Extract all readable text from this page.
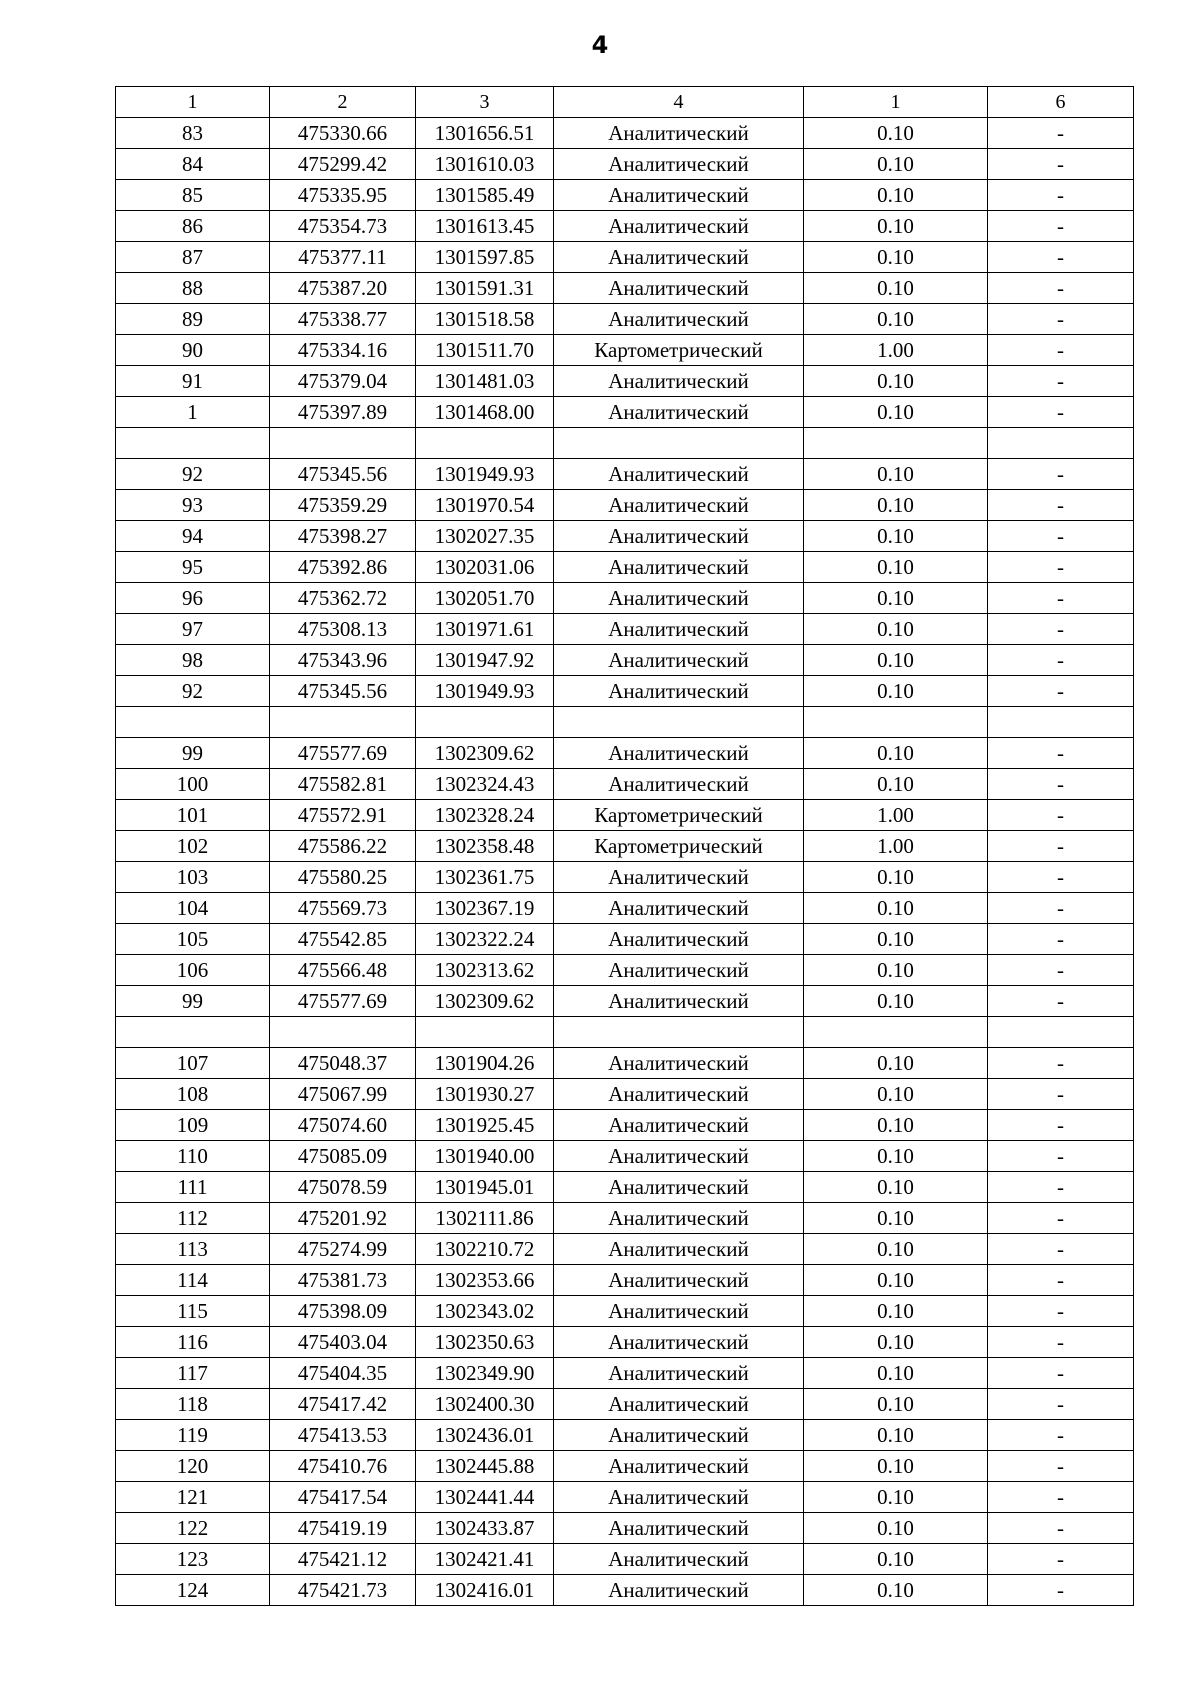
4
1	2	3	4	1	6
83	475330.66	1301656.51	Аналитический	0.10	-
84	475299.42	1301610.03	Аналитический	0.10	-
85	475335.95	1301585.49	Аналитический	0.10	-
86	475354.73	1301613.45	Аналитический	0.10	-
87	475377.11	1301597.85	Аналитический	0.10	-
88	475387.20	1301591.31	Аналитический	0.10	-
89	475338.77	1301518.58	Аналитический	0.10	-
90	475334.16	1301511.70	Картометрический	1.00	-
91	475379.04	1301481.03	Аналитический	0.10	-
1	475397.89	1301468.00	Аналитический	0.10	-

92	475345.56	1301949.93	Аналитический	0.10	-
93	475359.29	1301970.54	Аналитический	0.10	-
94	475398.27	1302027.35	Аналитический	0.10	-
95	475392.86	1302031.06	Аналитический	0.10	-
96	475362.72	1302051.70	Аналитический	0.10	-
97	475308.13	1301971.61	Аналитический	0.10	-
98	475343.96	1301947.92	Аналитический	0.10	-
92	475345.56	1301949.93	Аналитический	0.10	-

99	475577.69	1302309.62	Аналитический	0.10	-
100	475582.81	1302324.43	Аналитический	0.10	-
101	475572.91	1302328.24	Картометрический	1.00	-
102	475586.22	1302358.48	Картометрический	1.00	-
103	475580.25	1302361.75	Аналитический	0.10	-
104	475569.73	1302367.19	Аналитический	0.10	-
105	475542.85	1302322.24	Аналитический	0.10	-
106	475566.48	1302313.62	Аналитический	0.10	-
99	475577.69	1302309.62	Аналитический	0.10	-

107	475048.37	1301904.26	Аналитический	0.10	-
108	475067.99	1301930.27	Аналитический	0.10	-
109	475074.60	1301925.45	Аналитический	0.10	-
110	475085.09	1301940.00	Аналитический	0.10	-
111	475078.59	1301945.01	Аналитический	0.10	-
112	475201.92	1302111.86	Аналитический	0.10	-
113	475274.99	1302210.72	Аналитический	0.10	-
114	475381.73	1302353.66	Аналитический	0.10	-
115	475398.09	1302343.02	Аналитический	0.10	-
116	475403.04	1302350.63	Аналитический	0.10	-
117	475404.35	1302349.90	Аналитический	0.10	-
118	475417.42	1302400.30	Аналитический	0.10	-
119	475413.53	1302436.01	Аналитический	0.10	-
120	475410.76	1302445.88	Аналитический	0.10	-
121	475417.54	1302441.44	Аналитический	0.10	-
122	475419.19	1302433.87	Аналитический	0.10	-
123	475421.12	1302421.41	Аналитический	0.10	-
124	475421.73	1302416.01	Аналитический	0.10	-
